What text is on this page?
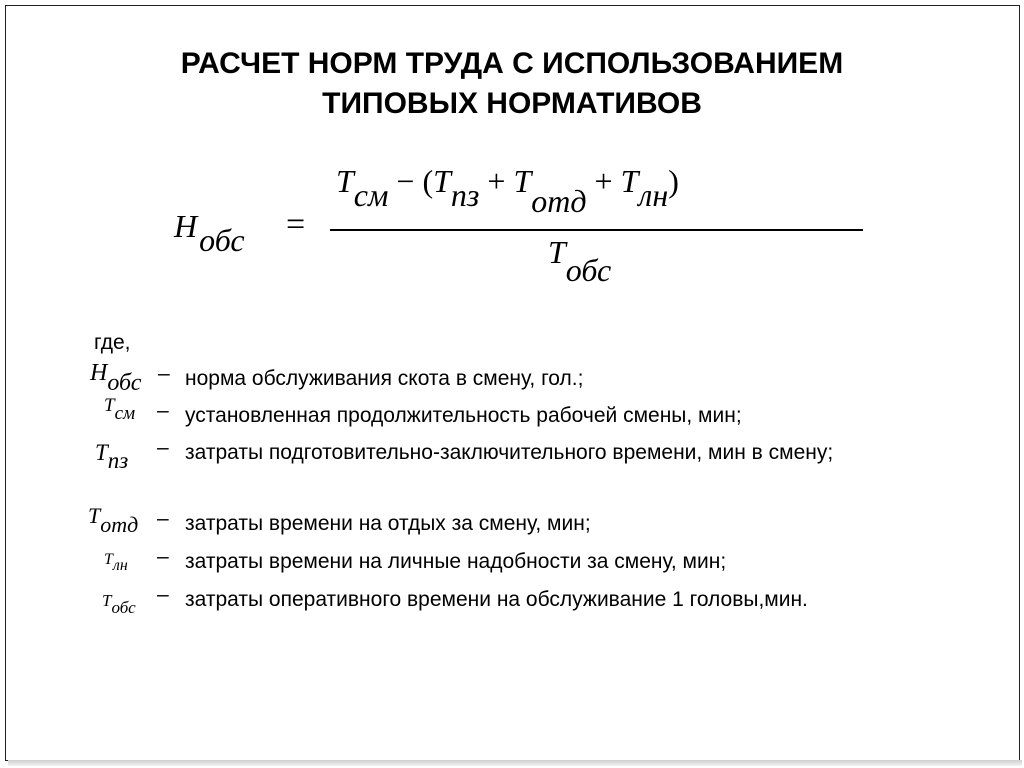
РАСЧЕТ НОРМ ТРУДА С ИСПОЛЬЗОВАНИЕМ
ТИПОВЫХ НОРМАТИВОВ
Hобс =
Tсм − (Tпз + Tотд + Tлн)
Tобс
где,
Hобс – норма обслуживания скота в смену, гол.;
Tсм – установленная продолжительность рабочей смены, мин;
Tпз
– затраты подготовительно-заключительного времени, мин в смену;
Tотд – затраты времени на отдых за смену, мин;
Tлн – затраты времени на личные надобности за смену, мин;
Tобс
– затраты оперативного времени на обслуживание 1 головы,мин.
